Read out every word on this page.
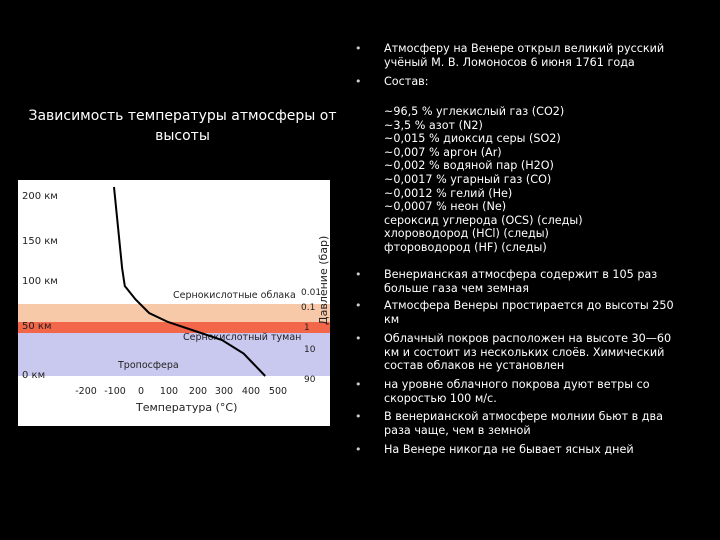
Зависимость температуры атмосферы от высоты
Сернокислотные облака
Сернокислотный туман
Тропосфера
200 км
150 км
100 км
50 км
0 км
-200 -100 0 100 200 300 400 500
Температура (°С)
0.01
0.1
1
10
90
Давление (бар)
• Атмосферу на Венере открыл великий русский
учёный М. В. Ломоносов 6 июня 1761 года
• Состав:
~96,5 % углекислый газ (CO2)
~3,5 % азот (N2)
~0,015 % диоксид серы (SO2)
~0,007 % аргон (Ar)
~0,002 % водяной пар (H2O)
~0,0017 % угарный газ (CO)
~0,0012 % гелий (He)
~0,0007 % неон (Ne)
сероксид углерода (OCS) (следы)
хлороводород (HCl) (следы)
фтороводород (HF) (следы)
• Венерианская атмосфера содержит в 105 раз
больше газа чем земная
• Атмосфера Венеры простирается до высоты 250
км
• Облачный покров расположен на высоте 30—60
км и состоит из нескольких слоёв. Химический
состав облаков не установлен
• на уровне облачного покрова дуют ветры со
скоростью 100 м/с.
• В венерианской атмосфере молнии бьют в два
раза чаще, чем в земной
• На Венере никогда не бывает ясных дней
